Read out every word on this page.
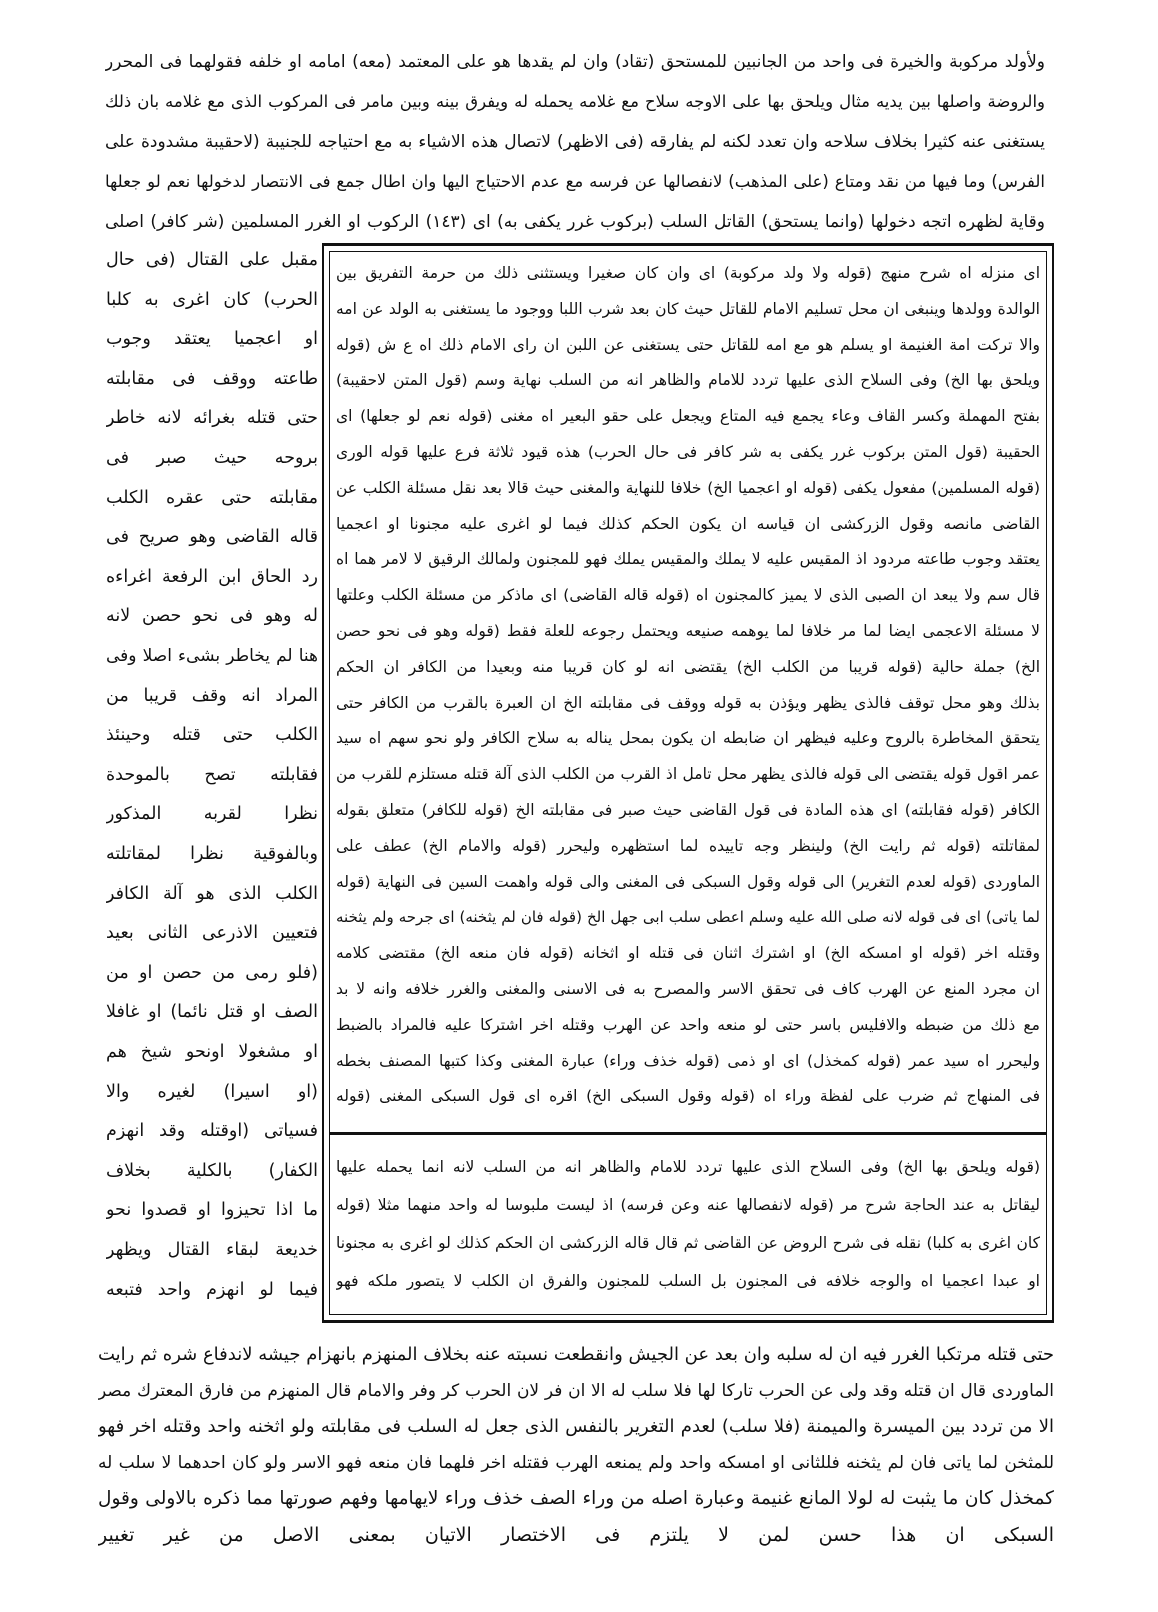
ولأولد مركوبة والخيرة فى واحد من الجانبين للمستحق (تقاد) وان لم يقدها هو على المعتمد (معه) امامه او خلفه فقولهما فى المحرر
والروضة واصلها بين يديه مثال ويلحق بها على الاوجه سلاح مع غلامه يحمله له ويفرق بينه وبين مامر فى المركوب الذى مع غلامه بان ذلك
يستغنى عنه كثيرا بخلاف سلاحه وان تعدد لكنه لم يفارقه (فى الاظهر) لاتصال هذه الاشياء به مع احتياجه للجنيبة (لاحقيبة مشدودة على
الفرس) وما فيها من نقد ومتاع (على المذهب) لانفصالها عن فرسه مع عدم الاحتياج اليها وان اطال جمع فى الانتصار لدخولها نعم لو جعلها
وقاية لظهره اتجه دخولها (وانما يستحق) القاتل السلب (بركوب غرر يكفى به) اى (١٤٣) الركوب او الغرر المسلمين (شر كافر) اصلى
مقبل على القتال (فى حال
الحرب) كان اغرى به كلبا
او اعجميا يعتقد وجوب
طاعته ووقف فى مقابلته
حتى قتله بغرائه لانه خاطر
بروحه حيث صبر فى
مقابلته حتى عقره الكلب
قاله القاضى وهو صريح فى
رد الحاق ابن الرفعة اغراءه
له وهو فى نحو حصن لانه
هنا لم يخاطر بشىء اصلا وفى
المراد انه وقف قريبا من
الكلب حتى قتله وحينئذ
فقابلته تصح بالموحدة
نظرا لقربه المذكور
وبالفوقية نظرا لمقاتلته
الكلب الذى هو آلة الكافر
فتعيين الاذرعى الثانى بعيد
(فلو رمى من حصن او من
الصف او قتل نائما) او غافلا
او مشغولا اونحو شيخ هم
(او اسيرا) لغيره والا
فسياتى (اوقتله وقد انهزم
الكفار) بالكلية بخلاف
ما اذا تحيزوا او قصدوا نحو
خديعة لبقاء القتال ويظهر
فيما لو انهزم واحد فتبعه
اى منزله اه شرح منهج (قوله ولا ولد مركوبة) اى وان كان صغيرا ويستثنى ذلك من حرمة التفريق بين
الوالدة وولدها وينبغى ان محل تسليم الامام للقاتل حيث كان بعد شرب اللبا ووجود ما يستغنى به الولد عن امه
والا تركت امة الغنيمة او يسلم هو مع امه للقاتل حتى يستغنى عن اللبن ان راى الامام ذلك اه ع ش (قوله
ويلحق بها الخ) وفى السلاح الذى عليها تردد للامام والظاهر انه من السلب نهاية وسم (قول المتن لاحقيبة)
بفتح المهملة وكسر القاف وعاء يجمع فيه المتاع ويجعل على حقو البعير اه مغنى (قوله نعم لو جعلها) اى
الحقيبة (قول المتن بركوب غرر يكفى به شر كافر فى حال الحرب) هذه قيود ثلاثة فرع عليها قوله الورى
(قوله المسلمين) مفعول يكفى (قوله او اعجميا الخ) خلافا للنهاية والمغنى حيث قالا بعد نقل مسئلة الكلب عن
القاضى مانصه وقول الزركشى ان قياسه ان يكون الحكم كذلك فيما لو اغرى عليه مجنونا او اعجميا
يعتقد وجوب طاعته مردود اذ المقيس عليه لا يملك والمقيس يملك فهو للمجنون ولمالك الرقيق لا لامر هما اه
قال سم ولا يبعد ان الصبى الذى لا يميز كالمجنون اه (قوله قاله القاضى) اى ماذكر من مسئلة الكلب وعلتها
لا مسئلة الاعجمى ايضا لما مر خلافا لما يوهمه صنيعه ويحتمل رجوعه للعلة فقط (قوله وهو فى نحو حصن
الخ) جملة حالية (قوله قريبا من الكلب الخ) يقتضى انه لو كان قريبا منه وبعيدا من الكافر ان الحكم
بذلك وهو محل توقف فالذى يظهر ويؤذن به قوله ووقف فى مقابلته الخ ان العبرة بالقرب من الكافر حتى
يتحقق المخاطرة بالروح وعليه فيظهر ان ضابطه ان يكون بمحل يناله به سلاح الكافر ولو نحو سهم اه سيد
عمر اقول قوله يقتضى الى قوله فالذى يظهر محل تامل اذ القرب من الكلب الذى آلة قتله مستلزم للقرب من
الكافر (قوله فقابلته) اى هذه المادة فى قول القاضى حيث صبر فى مقابلته الخ (قوله للكافر) متعلق بقوله
لمقاتلته (قوله ثم رايت الخ) ولينظر وجه تاييده لما استظهره وليحرر (قوله والامام الخ) عطف على
الماوردى (قوله لعدم التغرير) الى قوله وقول السبكى فى المغنى والى قوله واهمت السين فى النهاية (قوله
لما ياتى) اى فى قوله لانه صلى الله عليه وسلم اعطى سلب ابى جهل الخ (قوله فان لم يثخنه) اى جرحه ولم يثخنه
وقتله اخر (قوله او امسكه الخ) او اشترك اثنان فى قتله او اثخانه (قوله فان منعه الخ) مقتضى كلامه
ان مجرد المنع عن الهرب كاف فى تحقق الاسر والمصرح به فى الاسنى والمغنى والغرر خلافه وانه لا بد
مع ذلك من ضبطه والافليس باسر حتى لو منعه واحد عن الهرب وقتله اخر اشتركا عليه فالمراد بالضبط
وليحرر اه سيد عمر (قوله كمخذل) اى او ذمى (قوله خذف وراء) عبارة المغنى وكذا كتبها المصنف بخطه
فى المنهاج ثم ضرب على لفظة وراء اه (قوله وقول السبكى الخ) اقره اى قول السبكى المغنى (قوله
(قوله ويلحق بها الخ) وفى السلاح الذى عليها تردد للامام والظاهر انه من السلب لانه انما يحمله عليها
ليقاتل به عند الحاجة شرح مر (قوله لانفصالها عنه وعن فرسه) اذ ليست ملبوسا له واحد منهما مثلا (قوله
كان اغرى به كلبا) نقله فى شرح الروض عن القاضى ثم قال قاله الزركشى ان الحكم كذلك لو اغرى به مجنونا
او عبدا اعجميا اه والوجه خلافه فى المجنون بل السلب للمجنون والفرق ان الكلب لا يتصور ملكه فهو
حتى قتله مرتكبا الغرر فيه ان له سلبه وان بعد عن الجيش وانقطعت نسبته عنه بخلاف المنهزم بانهزام جيشه لاندفاع شره ثم رايت
الماوردى قال ان قتله وقد ولى عن الحرب تاركا لها فلا سلب له الا ان فر لان الحرب كر وفر والامام قال المنهزم من فارق المعترك مصر
الا من تردد بين الميسرة والميمنة (فلا سلب) لعدم التغرير بالنفس الذى جعل له السلب فى مقابلته ولو اثخنه واحد وقتله اخر فهو
للمثخن لما ياتى فان لم يثخنه فللثانى او امسكه واحد ولم يمنعه الهرب فقتله اخر فلهما فان منعه فهو الاسر ولو كان احدهما لا سلب له
كمخذل كان ما يثبت له لولا المانع غنيمة وعبارة اصله من وراء الصف خذف وراء لايهامها وفهم صورتها مما ذكره بالاولى وقول
السبكى ان هذا حسن لمن لا يلتزم فى الاختصار الاتيان بمعنى الاصل من غير تغيير
